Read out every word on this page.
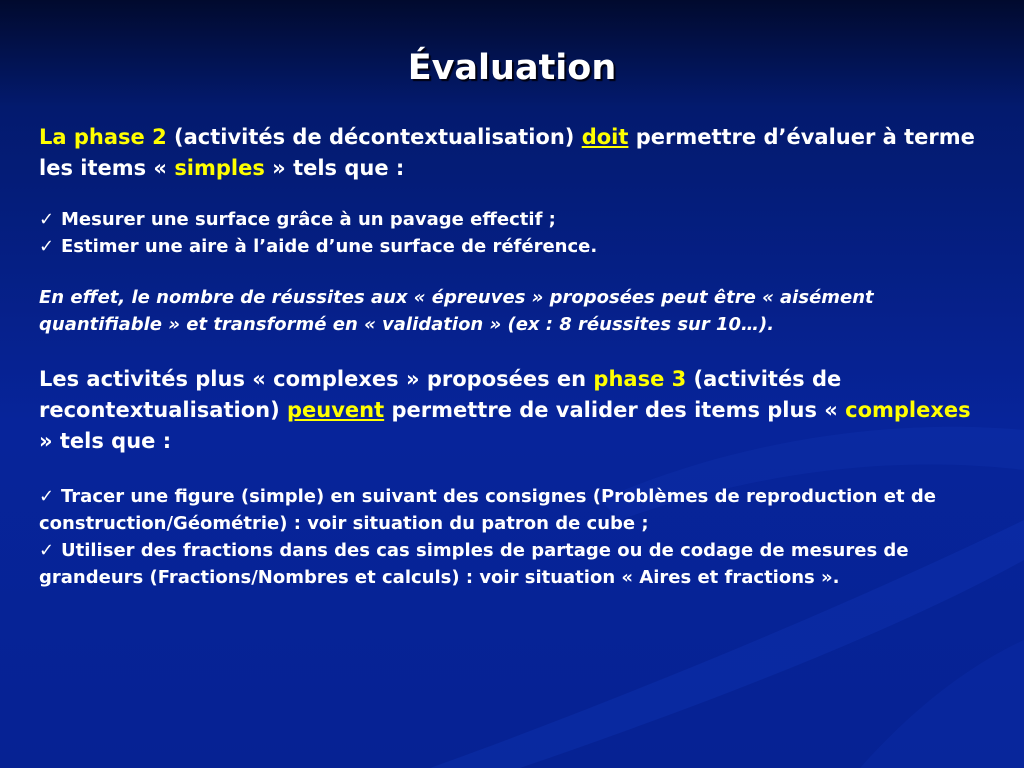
Évaluation

La phase 2 (activités de décontextualisation) doit permettre d’évaluer à terme les items « simples » tels que :

✓ Mesurer une surface grâce à un pavage effectif ;

✓ Estimer une aire à l’aide d’une surface de référence.

En effet, le nombre de réussites aux « épreuves » proposées peut être « aisément quantifiable » et transformé en « validation » (ex : 8 réussites sur 10…).

Les activités plus « complexes » proposées en phase 3 (activités de recontextualisation) peuvent permettre de valider des items plus « complexes » tels que :

✓ Tracer une figure (simple) en suivant des consignes (Problèmes de reproduction et de construction/Géométrie) : voir situation du patron de cube ;

✓ Utiliser des fractions dans des cas simples de partage ou de codage de mesures de grandeurs (Fractions/Nombres et calculs) : voir situation « Aires et fractions ».
